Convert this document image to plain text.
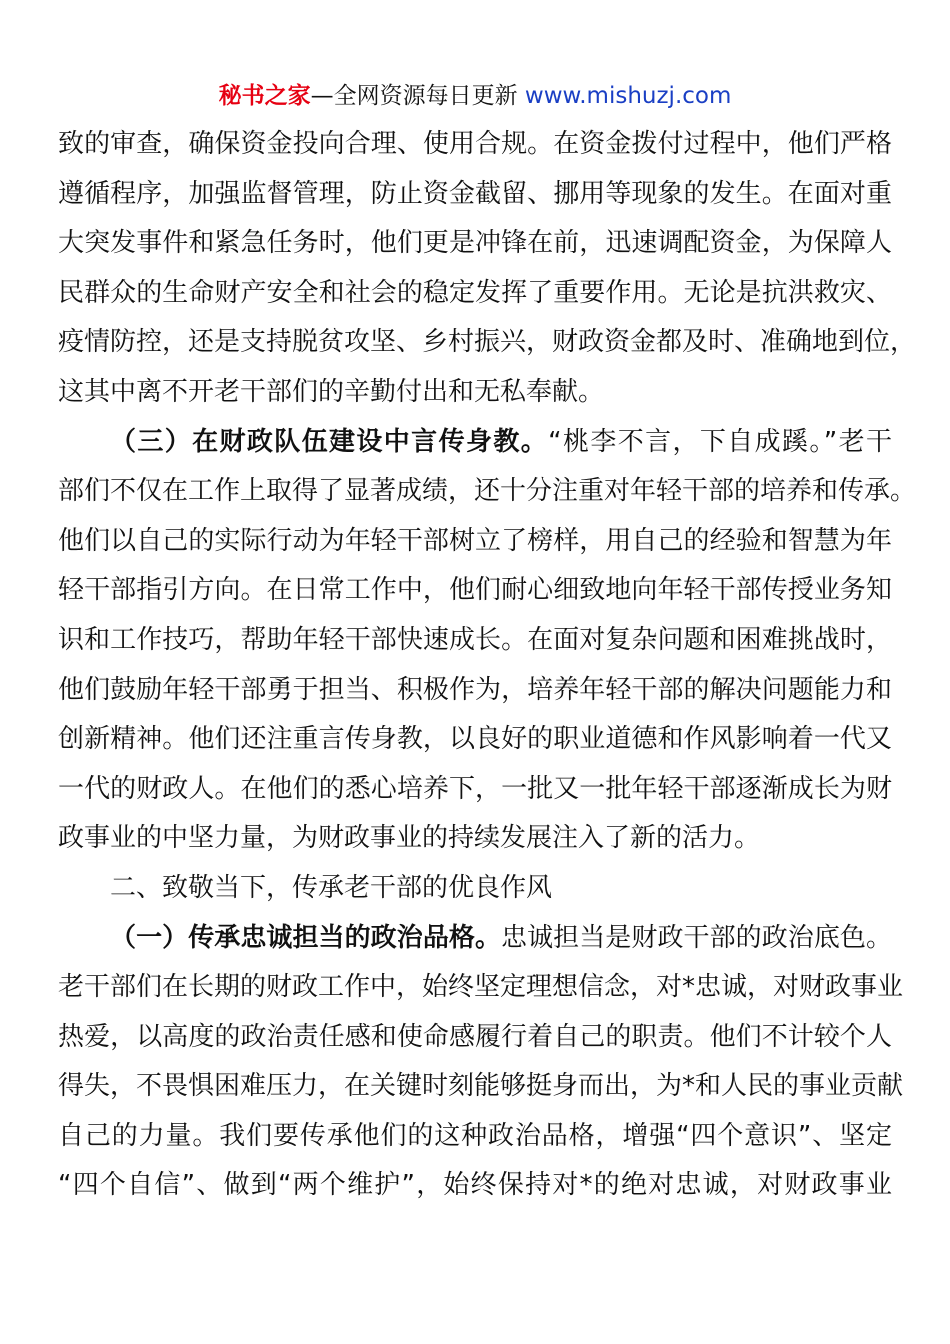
秘书之家—全网资源每日更新 www.mishuzj.com
致的审查，确保资金投向合理、使用合规。在资金拨付过程中，他们严格
遵循程序，加强监督管理，防止资金截留、挪用等现象的发生。在面对重
大突发事件和紧急任务时，他们更是冲锋在前，迅速调配资金，为保障人
民群众的生命财产安全和社会的稳定发挥了重要作用。无论是抗洪救灾、
疫情防控，还是支持脱贫攻坚、乡村振兴，财政资金都及时、准确地到位，
这其中离不开老干部们的辛勤付出和无私奉献。
（三）在财政队伍建设中言传身教。“桃李不言，下自成蹊。”老干
部们不仅在工作上取得了显著成绩，还十分注重对年轻干部的培养和传承。
他们以自己的实际行动为年轻干部树立了榜样，用自己的经验和智慧为年
轻干部指引方向。在日常工作中，他们耐心细致地向年轻干部传授业务知
识和工作技巧，帮助年轻干部快速成长。在面对复杂问题和困难挑战时，
他们鼓励年轻干部勇于担当、积极作为，培养年轻干部的解决问题能力和
创新精神。他们还注重言传身教，以良好的职业道德和作风影响着一代又
一代的财政人。在他们的悉心培养下，一批又一批年轻干部逐渐成长为财
政事业的中坚力量，为财政事业的持续发展注入了新的活力。
二、致敬当下，传承老干部的优良作风
（一）传承忠诚担当的政治品格。忠诚担当是财政干部的政治底色。
老干部们在长期的财政工作中，始终坚定理想信念，对*忠诚，对财政事业
热爱，以高度的政治责任感和使命感履行着自己的职责。他们不计较个人
得失，不畏惧困难压力，在关键时刻能够挺身而出，为*和人民的事业贡献
自己的力量。我们要传承他们的这种政治品格，增强“四个意识”、坚定
“四个自信”、做到“两个维护”，始终保持对*的绝对忠诚，对财政事业
